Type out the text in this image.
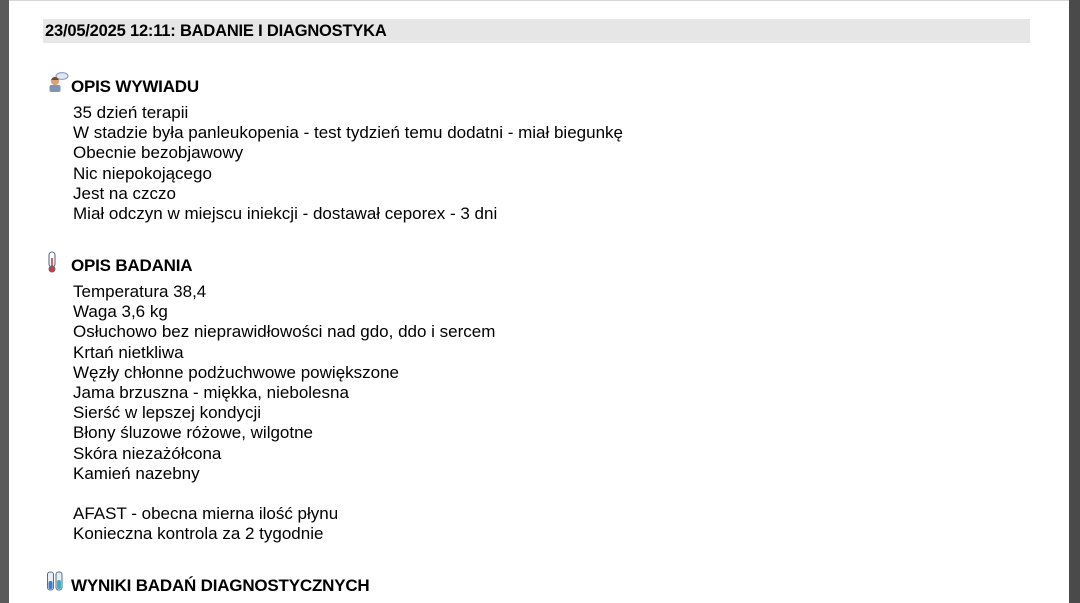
23/05/2025 12:11: BADANIE I DIAGNOSTYKA
OPIS WYWIADU
35 dzień terapii
W stadzie była panleukopenia - test tydzień temu dodatni - miał biegunkę
Obecnie bezobjawowy
Nic niepokojącego
Jest na czczo
Miał odczyn w miejscu iniekcji - dostawał ceporex - 3 dni
OPIS BADANIA
Temperatura 38,4
Waga 3,6 kg
Osłuchowo bez nieprawidłowości nad gdo, ddo i sercem
Krtań nietkliwa
Węzły chłonne podżuchwowe powiększone
Jama brzuszna - miękka, niebolesna
Sierść w lepszej kondycji
Błony śluzowe różowe, wilgotne
Skóra niezażółcona
Kamień nazebny
AFAST - obecna mierna ilość płynu
Konieczna kontrola za 2 tygodnie
WYNIKI BADAŃ DIAGNOSTYCZNYCH
